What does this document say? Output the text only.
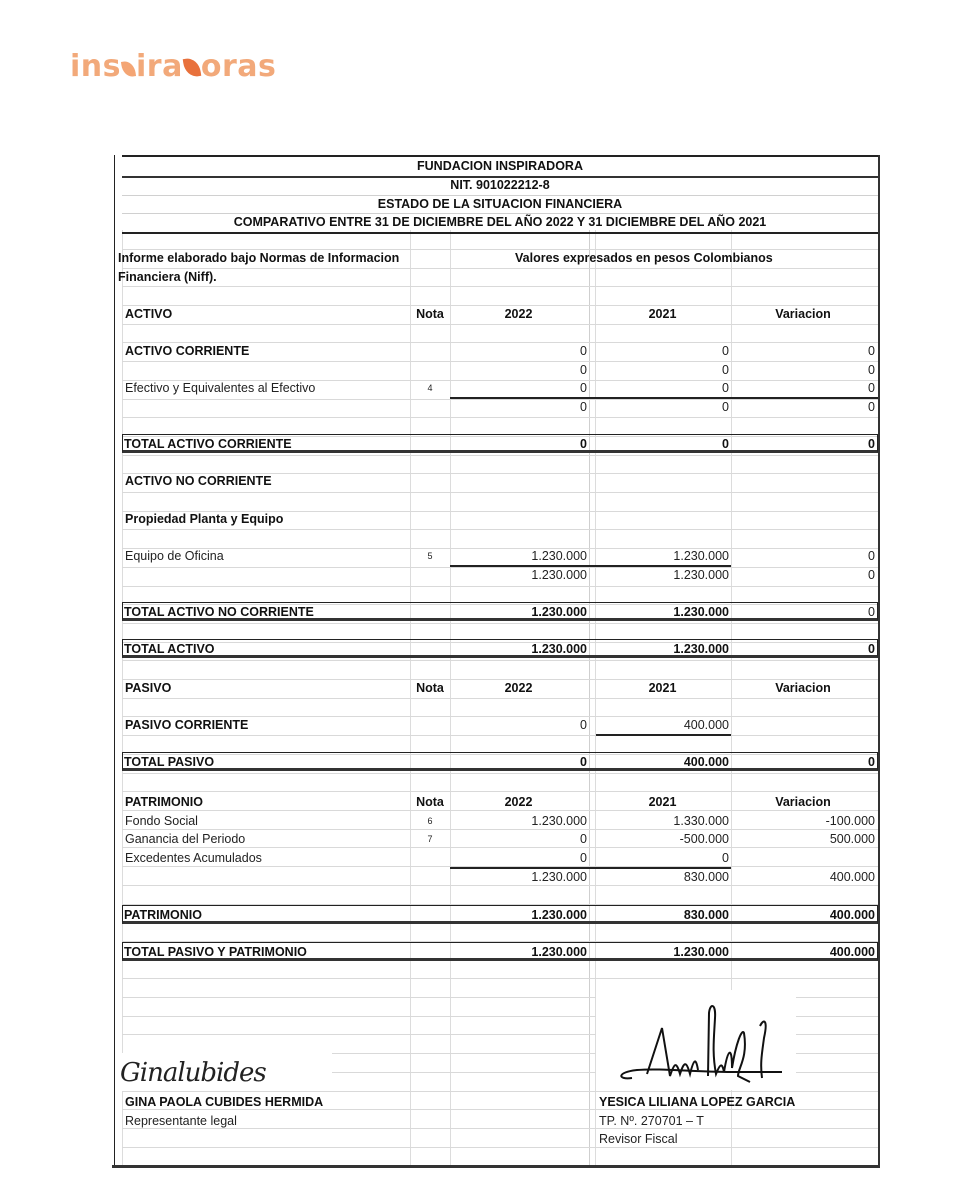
ins ira oras
FUNDACION INSPIRADORA
NIT. 901022212-8
ESTADO DE LA SITUACION FINANCIERA
COMPARATIVO ENTRE 31 DE DICIEMBRE DEL AÑO 2022 Y 31 DICIEMBRE DEL AÑO 2021
Informe elaborado bajo Normas de Informacion	Valores expresados en pesos Colombianos
Financiera (Niff).
ACTIVO	Nota	2022	2021	Variacion
ACTIVO CORRIENTE	0	0	0
0	0	0
Efectivo y Equivalentes al Efectivo	4	0	0	0
0	0	0
TOTAL ACTIVO CORRIENTE	0	0	0
ACTIVO NO CORRIENTE
Propiedad Planta y Equipo
Equipo de Oficina	5	1.230.000	1.230.000	0
1.230.000	1.230.000	0
TOTAL ACTIVO NO CORRIENTE	1.230.000	1.230.000	0
TOTAL ACTIVO	1.230.000	1.230.000	0
PASIVO	Nota	2022	2021	Variacion
PASIVO CORRIENTE	0	400.000
TOTAL PASIVO	0	400.000	0
PATRIMONIO	Nota	2022	2021	Variacion
Fondo Social	6	1.230.000	1.330.000	-100.000
Ganancia del Periodo	7	0	-500.000	500.000
Excedentes Acumulados	0	0
1.230.000	830.000	400.000
PATRIMONIO	1.230.000	830.000	400.000
TOTAL PASIVO Y PATRIMONIO	1.230.000	1.230.000	400.000
GINA PAOLA CUBIDES HERMIDA	YESICA LILIANA LOPEZ GARCIA
Representante legal	TP. Nº. 270701 – T
Revisor Fiscal
Ginalubides
